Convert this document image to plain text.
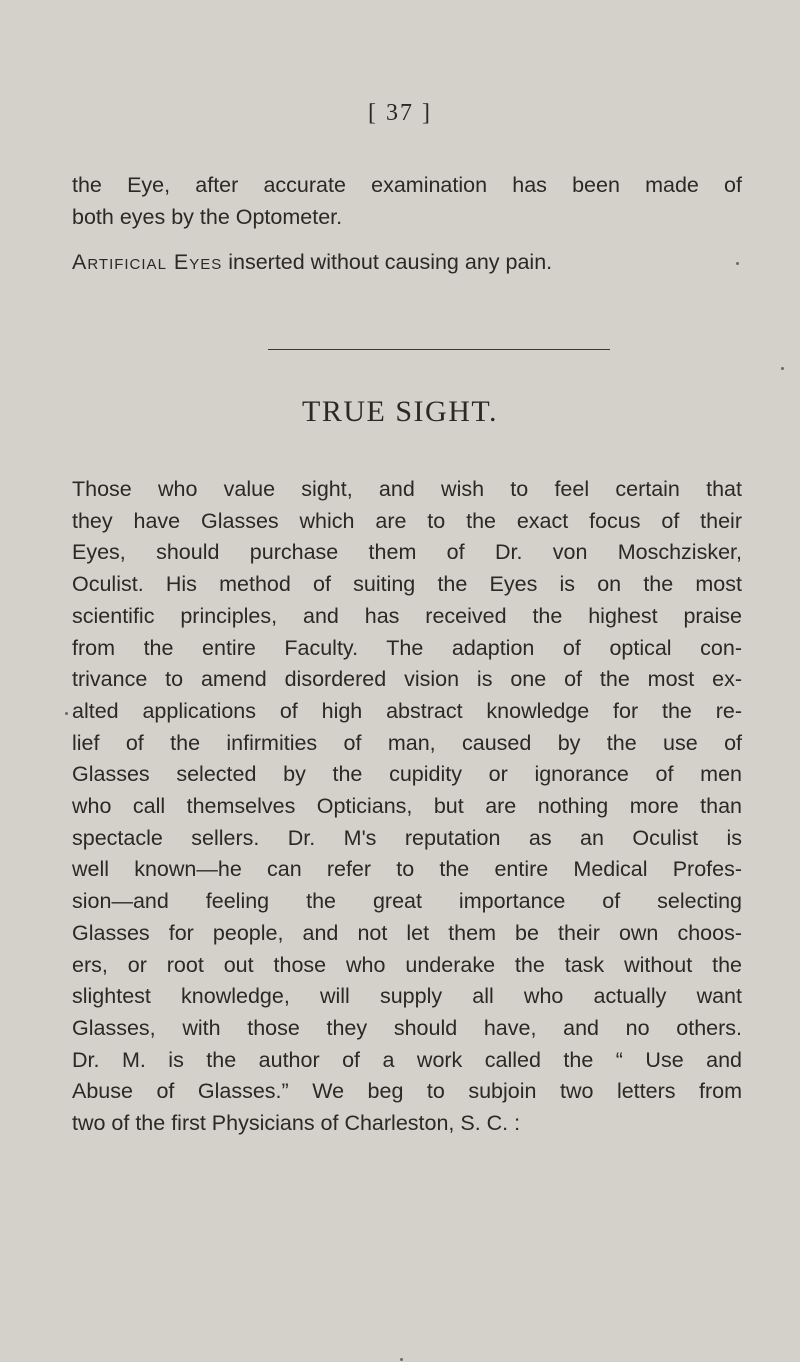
[ 37 ]
the Eye, after accurate examination has been made of
both eyes by the Optometer.
Artificial Eyes inserted without causing any pain.
TRUE SIGHT.
Those who value sight, and wish to feel certain that
they have Glasses which are to the exact focus of their
Eyes, should purchase them of Dr. von Moschzisker,
Oculist. His method of suiting the Eyes is on the most
scientific principles, and has received the highest praise
from the entire Faculty. The adaption of optical con-
trivance to amend disordered vision is one of the most ex-
alted applications of high abstract knowledge for the re-
lief of the infirmities of man, caused by the use of
Glasses selected by the cupidity or ignorance of men
who call themselves Opticians, but are nothing more than
spectacle sellers. Dr. M's reputation as an Oculist is
well known—he can refer to the entire Medical Profes-
sion—and feeling the great importance of selecting
Glasses for people, and not let them be their own choos-
ers, or root out those who underake the task without the
slightest knowledge, will supply all who actually want
Glasses, with those they should have, and no others.
Dr. M. is the author of a work called the “ Use and
Abuse of Glasses.” We beg to subjoin two letters from
two of the first Physicians of Charleston, S. C. :
